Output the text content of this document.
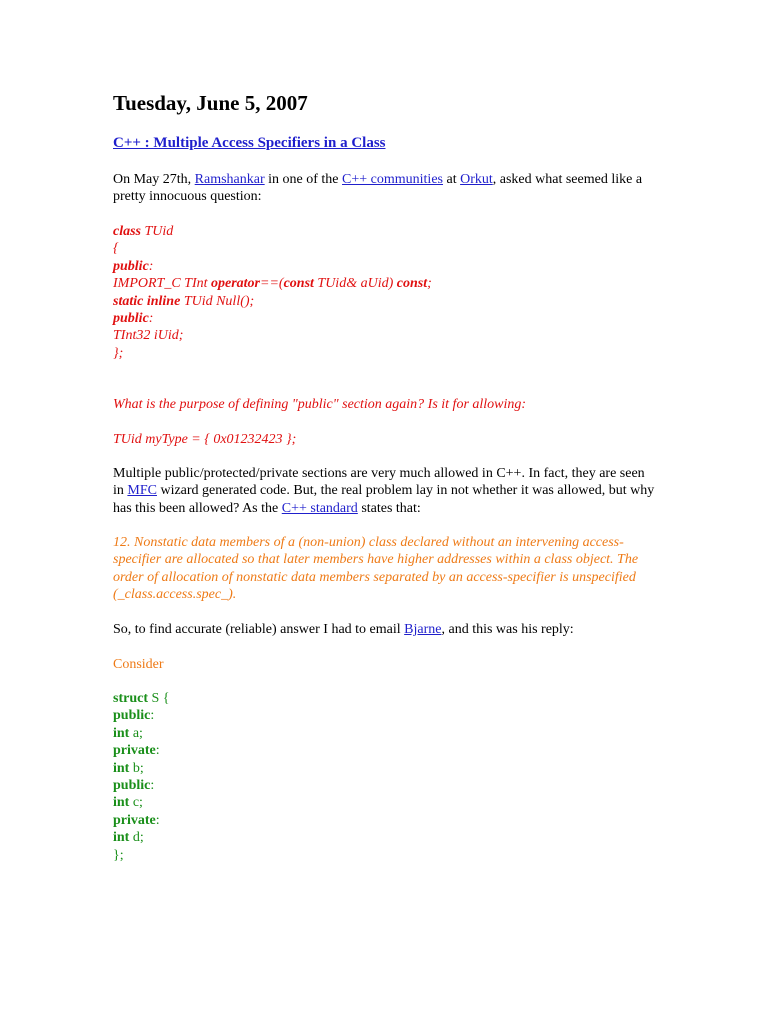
Tuesday, June 5, 2007
C++ : Multiple Access Specifiers in a Class
On May 27th, Ramshankar in one of the C++ communities at Orkut, asked what seemed like a pretty innocuous question:
class TUid
{
public:
IMPORT_C TInt operator==(const TUid& aUid) const;
static inline TUid Null();
public:
TInt32 iUid;
};
What is the purpose of defining "public" section again? Is it for allowing:
TUid myType = { 0x01232423 };
Multiple public/protected/private sections are very much allowed in C++. In fact, they are seen in MFC wizard generated code. But, the real problem lay in not whether it was allowed, but why has this been allowed? As the C++ standard states that:
12. Nonstatic data members of a (non-union) class declared without an intervening access-specifier are allocated so that later members have higher addresses within a class object. The order of allocation of nonstatic data members separated by an access-specifier is unspecified (_class.access.spec_).
So, to find accurate (reliable) answer I had to email Bjarne, and this was his reply:
Consider
struct S {
public:
int a;
private:
int b;
public:
int c;
private:
int d;
};
